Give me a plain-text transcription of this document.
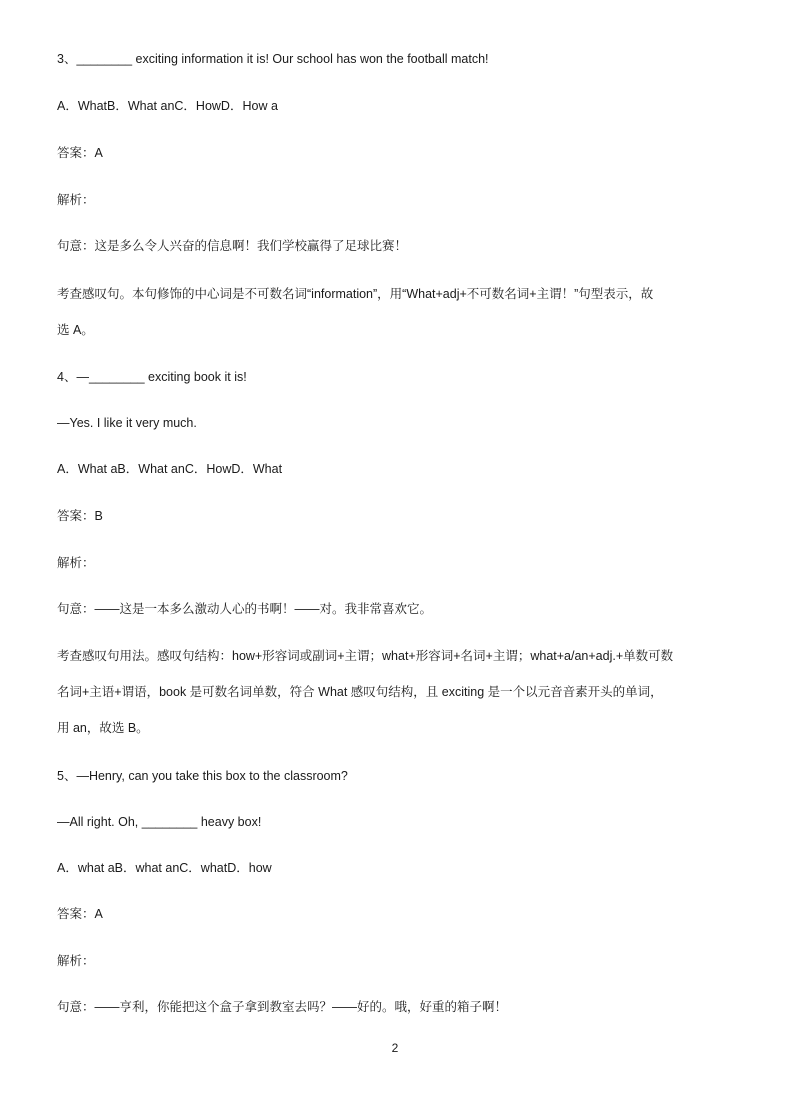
3、________ exciting information it is! Our school has won the football match!
A．WhatB．What anC．HowD．How a
答案：A
解析：
句意：这是多么令人兴奋的信息啊！我们学校赢得了足球比赛！
考查感叹句。本句修饰的中心词是不可数名词“information”，用“What+adj+不可数名词+主谓！”句型表示，故
选 A。
4、—________ exciting book it is!
—Yes. I like it very much.
A．What aB．What anC．HowD．What
答案：B
解析：
句意：——这是一本多么激动人心的书啊！——对。我非常喜欢它。
考查感叹句用法。感叹句结构：how+形容词或副词+主谓；what+形容词+名词+主谓；what+a/an+adj.+单数可数
名词+主语+谓语，book 是可数名词单数，符合 What 感叹句结构，且 exciting 是一个以元音音素开头的单词，
用 an，故选 B。
5、—Henry, can you take this box to the classroom?
—All right. Oh, ________ heavy box!
A．what aB．what anC．whatD．how
答案：A
解析：
句意：——亨利，你能把这个盒子拿到教室去吗？——好的。哦，好重的箱子啊！
2
